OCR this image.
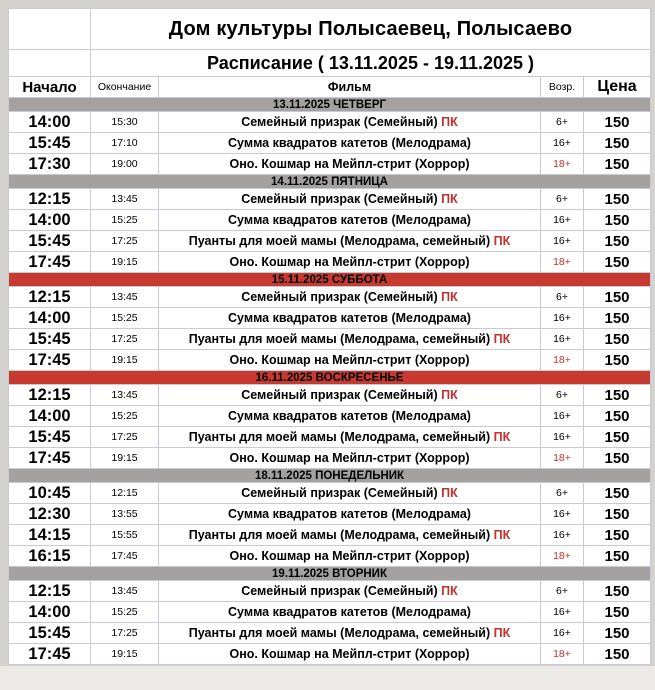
	Дом культуры Полысаевец, Полысаево			
	Расписание ( 13.11.2025 - 19.11.2025 )			
Начало	Окончание	Фильм	Возр.	Цена
13.11.2025 ЧЕТВЕРГ				
14:00	15:30	Семейный призрак (Семейный) ПК	6+	150
15:45	17:10	Сумма квадратов катетов (Мелодрама)	16+	150
17:30	19:00	Оно. Кошмар на Мейпл-стрит (Хоррор)	18+	150
14.11.2025 ПЯТНИЦА				
12:15	13:45	Семейный призрак (Семейный) ПК	6+	150
14:00	15:25	Сумма квадратов катетов (Мелодрама)	16+	150
15:45	17:25	Пуанты для моей мамы (Мелодрама, семейный) ПК	16+	150
17:45	19:15	Оно. Кошмар на Мейпл-стрит (Хоррор)	18+	150
15.11.2025 СУББОТА				
12:15	13:45	Семейный призрак (Семейный) ПК	6+	150
14:00	15:25	Сумма квадратов катетов (Мелодрама)	16+	150
15:45	17:25	Пуанты для моей мамы (Мелодрама, семейный) ПК	16+	150
17:45	19:15	Оно. Кошмар на Мейпл-стрит (Хоррор)	18+	150
16.11.2025 ВОСКРЕСЕНЬЕ				
12:15	13:45	Семейный призрак (Семейный) ПК	6+	150
14:00	15:25	Сумма квадратов катетов (Мелодрама)	16+	150
15:45	17:25	Пуанты для моей мамы (Мелодрама, семейный) ПК	16+	150
17:45	19:15	Оно. Кошмар на Мейпл-стрит (Хоррор)	18+	150
18.11.2025 ПОНЕДЕЛЬНИК				
10:45	12:15	Семейный призрак (Семейный) ПК	6+	150
12:30	13:55	Сумма квадратов катетов (Мелодрама)	16+	150
14:15	15:55	Пуанты для моей мамы (Мелодрама, семейный) ПК	16+	150
16:15	17:45	Оно. Кошмар на Мейпл-стрит (Хоррор)	18+	150
19.11.2025 ВТОРНИК				
12:15	13:45	Семейный призрак (Семейный) ПК	6+	150
14:00	15:25	Сумма квадратов катетов (Мелодрама)	16+	150
15:45	17:25	Пуанты для моей мамы (Мелодрама, семейный) ПК	16+	150
17:45	19:15	Оно. Кошмар на Мейпл-стрит (Хоррор)	18+	150
